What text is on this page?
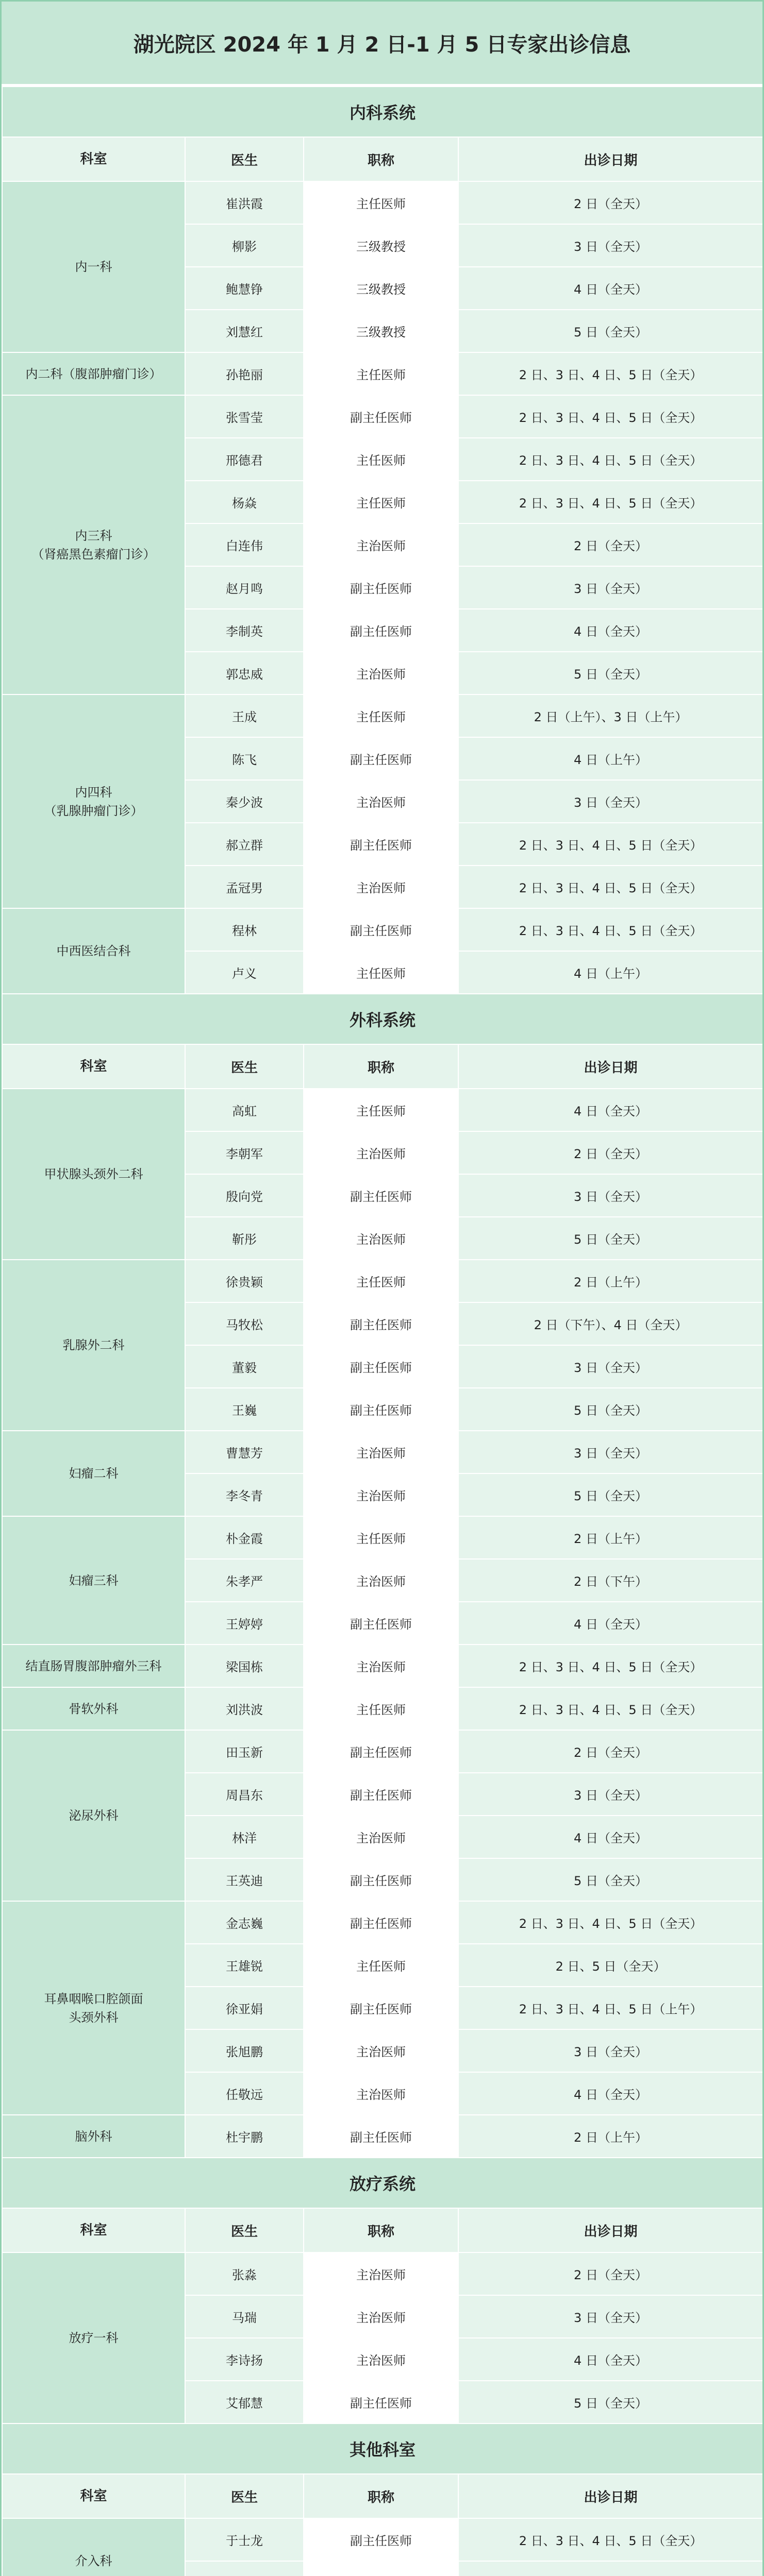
湖光院区 2024 年 1 月 2 日-1 月 5 日专家出诊信息
内科系统			
科室	医生	职称	出诊日期
内一科	崔洪霞	主任医师	2 日（全天）
	柳影	三级教授	3 日（全天）
	鲍慧铮	三级教授	4 日（全天）
	刘慧红	三级教授	5 日（全天）
内二科（腹部肿瘤门诊）	孙艳丽	主任医师	2 日、3 日、4 日、5 日（全天）
内三科
（肾癌黑色素瘤门诊）	张雪莹	副主任医师	2 日、3 日、4 日、5 日（全天）
	邢德君	主任医师	2 日、3 日、4 日、5 日（全天）
	杨焱	主任医师	2 日、3 日、4 日、5 日（全天）
	白连伟	主治医师	2 日（全天）
	赵月鸣	副主任医师	3 日（全天）
	李制英	副主任医师	4 日（全天）
	郭忠威	主治医师	5 日（全天）
内四科
（乳腺肿瘤门诊）	王成	主任医师	2 日（上午）、3 日（上午）
	陈飞	副主任医师	4 日（上午）
	秦少波	主治医师	3 日（全天）
	郝立群	副主任医师	2 日、3 日、4 日、5 日（全天）
	孟冠男	主治医师	2 日、3 日、4 日、5 日（全天）
中西医结合科	程林	副主任医师	2 日、3 日、4 日、5 日（全天）
	卢义	主任医师	4 日（上午）
外科系统			
科室	医生	职称	出诊日期
甲状腺头颈外二科	高虹	主任医师	4 日（全天）
	李朝军	主治医师	2 日（全天）
	殷向党	副主任医师	3 日（全天）
	靳彤	主治医师	5 日（全天）
乳腺外二科	徐贵颖	主任医师	2 日（上午）
	马牧松	副主任医师	2 日（下午）、4 日（全天）
	董毅	副主任医师	3 日（全天）
	王巍	副主任医师	5 日（全天）
妇瘤二科	曹慧芳	主治医师	3 日（全天）
	李冬青	主治医师	5 日（全天）
妇瘤三科	朴金霞	主任医师	2 日（上午）
	朱孝严	主治医师	2 日（下午）
	王婷婷	副主任医师	4 日（全天）
结直肠胃腹部肿瘤外三科	梁国栋	主治医师	2 日、3 日、4 日、5 日（全天）
骨软外科	刘洪波	主任医师	2 日、3 日、4 日、5 日（全天）
泌尿外科	田玉新	副主任医师	2 日（全天）
	周昌东	副主任医师	3 日（全天）
	林洋	主治医师	4 日（全天）
	王英迪	副主任医师	5 日（全天）
耳鼻咽喉口腔颌面
头颈外科	金志巍	副主任医师	2 日、3 日、4 日、5 日（全天）
	王雄锐	主任医师	2 日、5 日（全天）
	徐亚娟	副主任医师	2 日、3 日、4 日、5 日（上午）
	张旭鹏	主治医师	3 日（全天）
	任敬远	主治医师	4 日（全天）
脑外科	杜宇鹏	副主任医师	2 日（上午）
放疗系统			
科室	医生	职称	出诊日期
放疗一科	张淼	主治医师	2 日（全天）
	马瑞	主治医师	3 日（全天）
	李诗扬	主治医师	4 日（全天）
	艾郁慧	副主任医师	5 日（全天）
其他科室			
科室	医生	职称	出诊日期
介入科	于士龙	副主任医师	2 日、3 日、4 日、5 日（全天）
